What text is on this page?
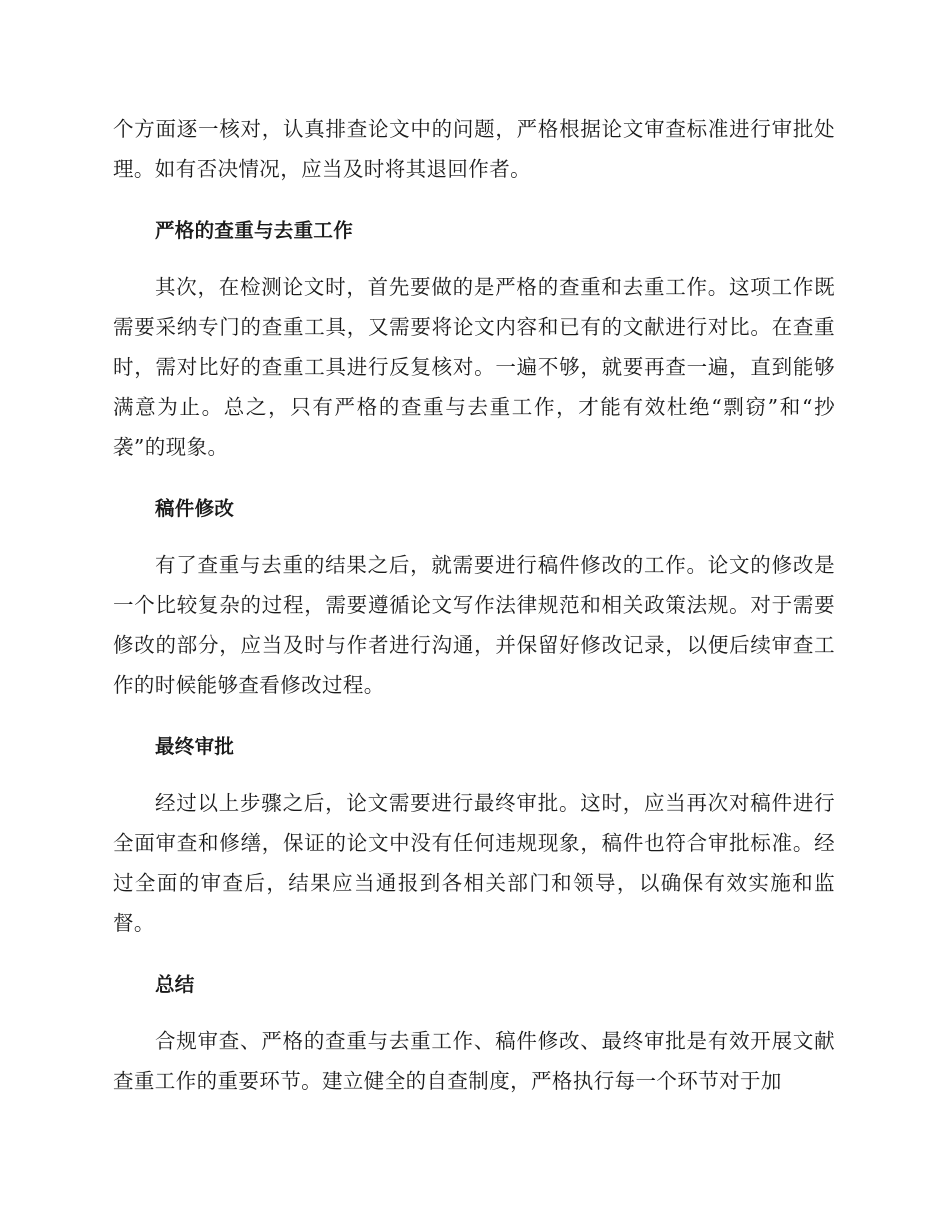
个方面逐一核对，认真排查论文中的问题，严格根据论文审查标准进行审批处理。如有否决情况，应当及时将其退回作者。

严格的查重与去重工作

其次，在检测论文时，首先要做的是严格的查重和去重工作。这项工作既需要采纳专门的查重工具，又需要将论文内容和已有的文献进行对比。在查重时，需对比好的查重工具进行反复核对。一遍不够，就要再查一遍，直到能够满意为止。总之，只有严格的查重与去重工作，才能有效杜绝“剽窃”和“抄袭”的现象。

稿件修改

有了查重与去重的结果之后，就需要进行稿件修改的工作。论文的修改是一个比较复杂的过程，需要遵循论文写作法律规范和相关政策法规。对于需要修改的部分，应当及时与作者进行沟通，并保留好修改记录，以便后续审查工作的时候能够查看修改过程。

最终审批

经过以上步骤之后，论文需要进行最终审批。这时，应当再次对稿件进行全面审查和修缮，保证的论文中没有任何违规现象，稿件也符合审批标准。经过全面的审查后，结果应当通报到各相关部门和领导，以确保有效实施和监督。

总结

合规审查、严格的查重与去重工作、稿件修改、最终审批是有效开展文献查重工作的重要环节。建立健全的自查制度，严格执行每一个环节对于加
